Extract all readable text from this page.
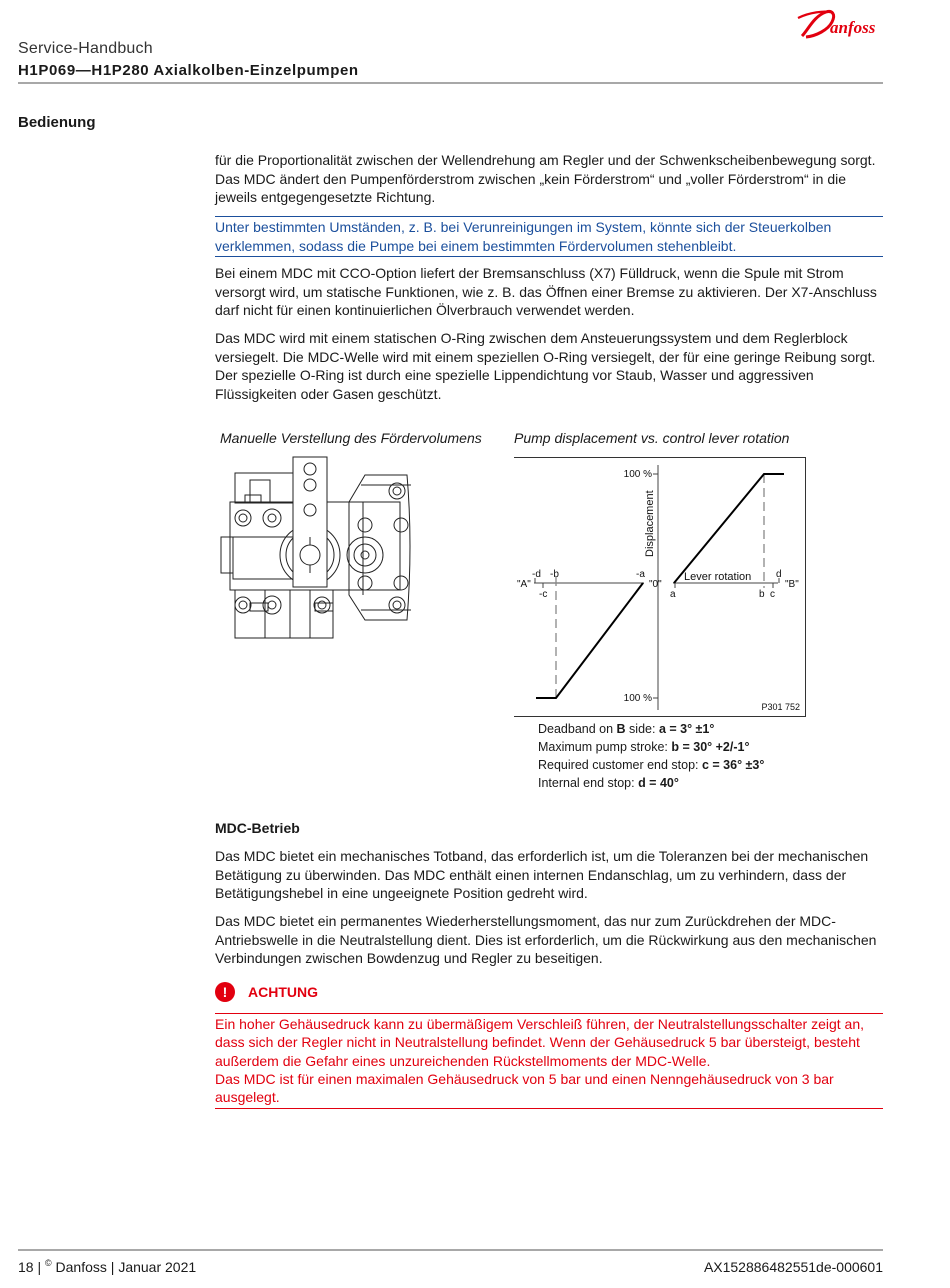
anfoss
Service-Handbuch
H1P069—H1P280 Axialkolben-Einzelpumpen
Bedienung

für die Proportionalität zwischen der Wellendrehung am Regler und der Schwenkscheibenbewegung sorgt. Das MDC ändert den Pumpenförderstrom zwischen „kein Förderstrom“ und „voller Förderstrom“ in die jeweils entgegengesetzte Richtung.

Unter bestimmten Umständen, z. B. bei Verunreinigungen im System, könnte sich der Steuerkolben verklemmen, sodass die Pumpe bei einem bestimmten Fördervolumen stehenbleibt.

Bei einem MDC mit CCO-Option liefert der Bremsanschluss (X7) Fülldruck, wenn die Spule mit Strom versorgt wird, um statische Funktionen, wie z. B. das Öffnen einer Bremse zu aktivieren. Der X7-Anschluss darf nicht für einen kontinuierlichen Ölverbrauch verwendet werden.

Das MDC wird mit einem statischen O-Ring zwischen dem Ansteuerungssystem und dem Reglerblock versiegelt. Die MDC-Welle wird mit einem speziellen O-Ring versiegelt, der für eine geringe Reibung sorgt. Der spezielle O-Ring ist durch eine spezielle Lippendichtung vor Staub, Wasser und aggressiven Flüssigkeiten oder Gasen geschützt.

Manuelle Verstellung des Fördervolumens Pump displacement vs. control lever rotation
100 %
100 %
Displacement
Lever rotation
"A"	"B"
"0"
-d -b
-c
-a
a	b c
d
P301 752
Deadband on B side: a = 3° ±1°
Maximum pump stroke: b = 30° +2/-1°
Required customer end stop: c = 36° ±3°
Internal end stop: d = 40°
MDC-Betrieb

Das MDC bietet ein mechanisches Totband, das erforderlich ist, um die Toleranzen bei der mechanischen Betätigung zu überwinden. Das MDC enthält einen internen Endanschlag, um zu verhindern, dass der Betätigungshebel in eine ungeeignete Position gedreht wird.

Das MDC bietet ein permanentes Wiederherstellungsmoment, das nur zum Zurückdrehen der MDC-Antriebswelle in die Neutralstellung dient. Dies ist erforderlich, um die Rückwirkung aus den mechanischen Verbindungen zwischen Bowdenzug und Regler zu beseitigen.

!	ACHTUNG
Ein hoher Gehäusedruck kann zu übermäßigem Verschleiß führen, der Neutralstellungsschalter zeigt an, dass sich der Regler nicht in Neutralstellung befindet. Wenn der Gehäusedruck 5 bar übersteigt, besteht außerdem die Gefahr eines unzureichenden Rückstellmoments der MDC-Welle.
Das MDC ist für einen maximalen Gehäusedruck von 5 bar und einen Nenngehäusedruck von 3 bar ausgelegt.
18 | © Danfoss | Januar 2021	AX152886482551de-000601
